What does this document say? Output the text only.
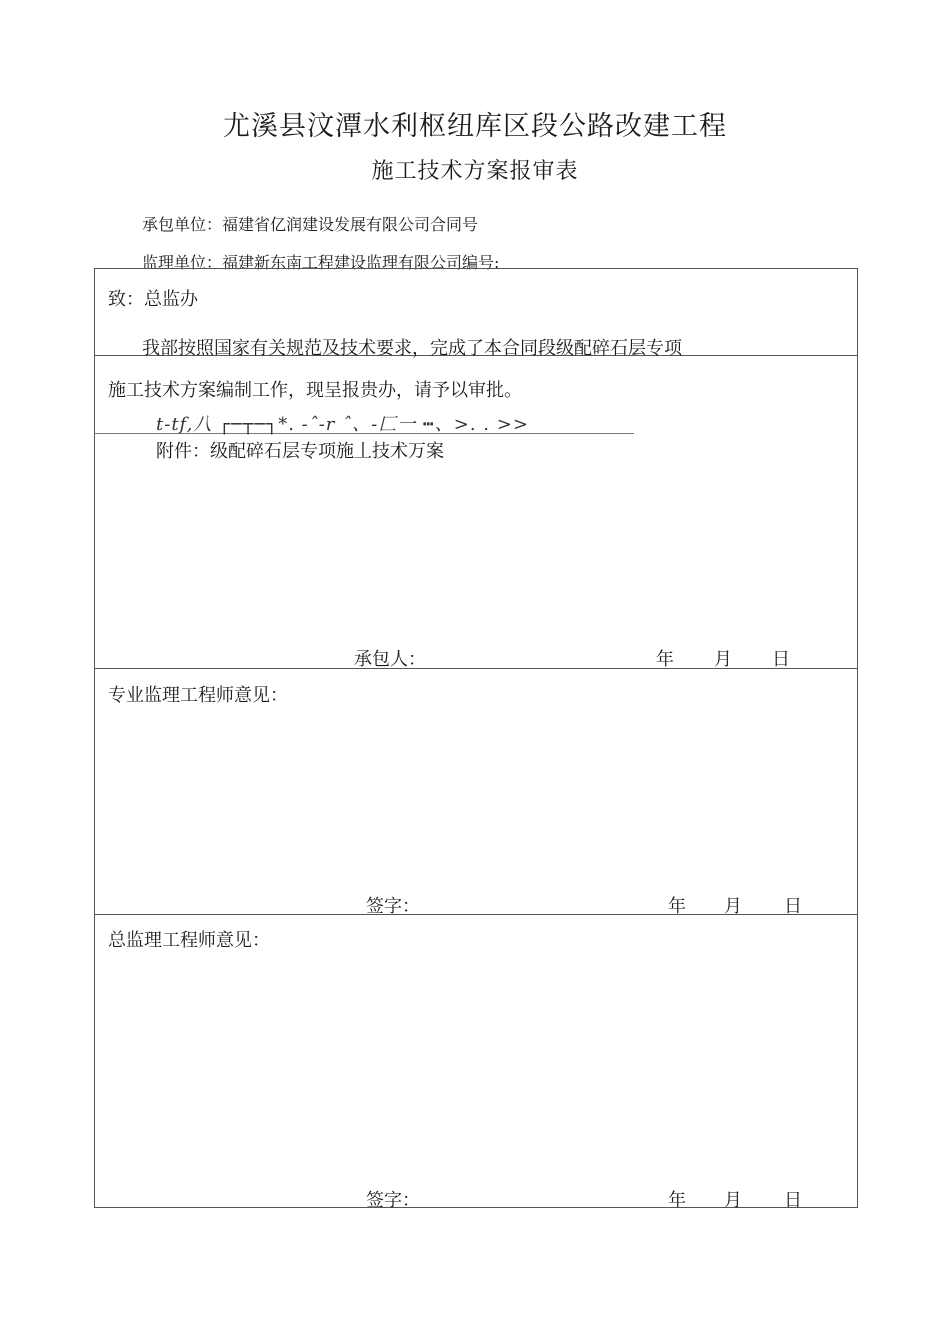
尤溪县汶潭水利枢纽库区段公路改建工程
施工技术方案报审表
承包单位：福建省亿润建设发展有限公司合同号
监理单位：福建新东南工程建设监理有限公司编号:
致：总监办
我部按照国家有关规范及技术要求，完成了本合同段级配碎石层专项
施工技术方案编制工作，现呈报贵办，请予以审批。
t-tf,八 ┌─┬─┐*. -ˆ-r ˆ、-匚一 ┅、>. . >>
附件：级配碎石层专项施丄技术万案
承包人：	年 月 日
专业监理工程师意见：
签字：	年 月 日
总监理工程师意见：
签字：	年 月 日
